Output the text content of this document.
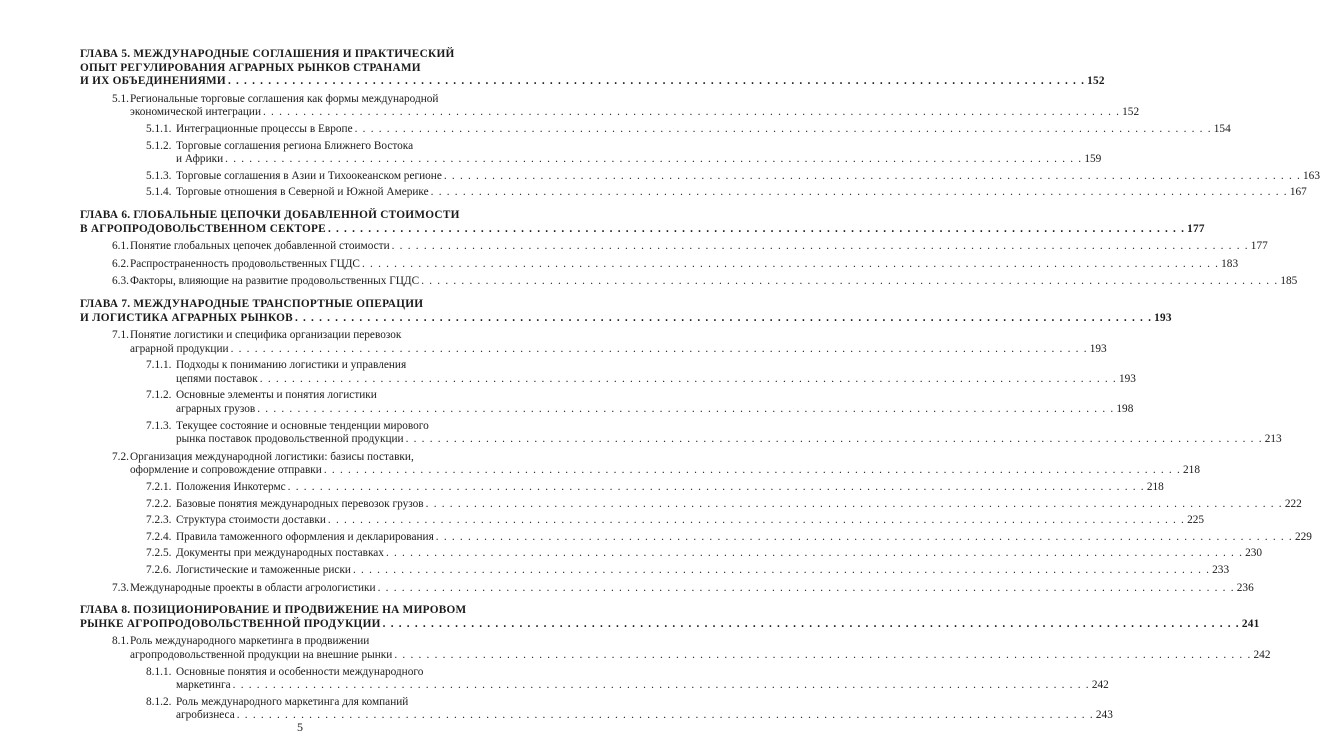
ГЛАВА 5. МЕЖДУНАРОДНЫЕ СОГЛАШЕНИЯ И ПРАКТИЧЕСКИЙ
ОПЫТ РЕГУЛИРОВАНИЯ АГРАРНЫХ РЫНКОВ СТРАНАМИ
И ИХ ОБЪЕДИНЕНИЯМИ . . . . . . . . . . . . . . . . . . . . . . . . . . . . . . . . . . . . . . . . . . . . . . . . . . . . . . . . . . . . . . . . . . . . . . . . . . . . . . . . . . . . . . . . . . . . . . . . . . . . . . . . . . . 152
5.1. Региональные торговые соглашения как формы международной
экономической интеграции . . . . . . . . . . . . . . . . . . . . . . . . . . . . . . . . . . . . . . . . . . . . . . . . . . . . . . . . . . . . . . . . . . . . . . . . . . . . . . . . . . . . . . . . . . . . . . . . . . . . . . . . . . . 152
5.1.1. Интеграционные процессы в Европе . . . . . . . . . . . . . . . . . . . . . . . . . . . . . . . . . . . . . . . . . . . . . . . . . . . . . . . . . . . . . . . . . . . . . . . . . . . . . . . . . . . . . . . . . . . . . . . . . . . . . . . . . . . 154
5.1.2. Торговые соглашения региона Ближнего Востока
и Африки . . . . . . . . . . . . . . . . . . . . . . . . . . . . . . . . . . . . . . . . . . . . . . . . . . . . . . . . . . . . . . . . . . . . . . . . . . . . . . . . . . . . . . . . . . . . . . . . . . . . . . . . . . . 159
5.1.3. Торговые соглашения в Азии и Тихоокеанском регионе . . . . . . . . . . . . . . . . . . . . . . . . . . . . . . . . . . . . . . . . . . . . . . . . . . . . . . . . . . . . . . . . . . . . . . . . . . . . . . . . . . . . . . . . . . . . . . . . . . . . . . . . . . . 163
5.1.4. Торговые отношения в Северной и Южной Америке . . . . . . . . . . . . . . . . . . . . . . . . . . . . . . . . . . . . . . . . . . . . . . . . . . . . . . . . . . . . . . . . . . . . . . . . . . . . . . . . . . . . . . . . . . . . . . . . . . . . . . . . . . . 167
ГЛАВА 6. ГЛОБАЛЬНЫЕ ЦЕПОЧКИ ДОБАВЛЕННОЙ СТОИМОСТИ
В АГРОПРОДОВОЛЬСТВЕННОМ СЕКТОРЕ . . . . . . . . . . . . . . . . . . . . . . . . . . . . . . . . . . . . . . . . . . . . . . . . . . . . . . . . . . . . . . . . . . . . . . . . . . . . . . . . . . . . . . . . . . . . . . . . . . . . . . . . . . . 177
6.1. Понятие глобальных цепочек добавленной стоимости . . . . . . . . . . . . . . . . . . . . . . . . . . . . . . . . . . . . . . . . . . . . . . . . . . . . . . . . . . . . . . . . . . . . . . . . . . . . . . . . . . . . . . . . . . . . . . . . . . . . . . . . . . . 177
6.2. Распространенность продовольственных ГЦДС . . . . . . . . . . . . . . . . . . . . . . . . . . . . . . . . . . . . . . . . . . . . . . . . . . . . . . . . . . . . . . . . . . . . . . . . . . . . . . . . . . . . . . . . . . . . . . . . . . . . . . . . . . . 183
6.3. Факторы, влияющие на развитие продовольственных ГЦДС . . . . . . . . . . . . . . . . . . . . . . . . . . . . . . . . . . . . . . . . . . . . . . . . . . . . . . . . . . . . . . . . . . . . . . . . . . . . . . . . . . . . . . . . . . . . . . . . . . . . . . . . . . . 185
ГЛАВА 7. МЕЖДУНАРОДНЫЕ ТРАНСПОРТНЫЕ ОПЕРАЦИИ
И ЛОГИСТИКА АГРАРНЫХ РЫНКОВ . . . . . . . . . . . . . . . . . . . . . . . . . . . . . . . . . . . . . . . . . . . . . . . . . . . . . . . . . . . . . . . . . . . . . . . . . . . . . . . . . . . . . . . . . . . . . . . . . . . . . . . . . . . 193
7.1. Понятие логистики и специфика организации перевозок
аграрной продукции . . . . . . . . . . . . . . . . . . . . . . . . . . . . . . . . . . . . . . . . . . . . . . . . . . . . . . . . . . . . . . . . . . . . . . . . . . . . . . . . . . . . . . . . . . . . . . . . . . . . . . . . . . . 193
7.1.1. Подходы к пониманию логистики и управления
цепями поставок . . . . . . . . . . . . . . . . . . . . . . . . . . . . . . . . . . . . . . . . . . . . . . . . . . . . . . . . . . . . . . . . . . . . . . . . . . . . . . . . . . . . . . . . . . . . . . . . . . . . . . . . . . . 193
7.1.2. Основные элементы и понятия логистики
аграрных грузов . . . . . . . . . . . . . . . . . . . . . . . . . . . . . . . . . . . . . . . . . . . . . . . . . . . . . . . . . . . . . . . . . . . . . . . . . . . . . . . . . . . . . . . . . . . . . . . . . . . . . . . . . . . 198
7.1.3. Текущее состояние и основные тенденции мирового
рынка поставок продовольственной продукции . . . . . . . . . . . . . . . . . . . . . . . . . . . . . . . . . . . . . . . . . . . . . . . . . . . . . . . . . . . . . . . . . . . . . . . . . . . . . . . . . . . . . . . . . . . . . . . . . . . . . . . . . . . 213
7.2. Организация международной логистики: базисы поставки,
оформление и сопровождение отправки . . . . . . . . . . . . . . . . . . . . . . . . . . . . . . . . . . . . . . . . . . . . . . . . . . . . . . . . . . . . . . . . . . . . . . . . . . . . . . . . . . . . . . . . . . . . . . . . . . . . . . . . . . . 218
7.2.1. Положения Инкотермс . . . . . . . . . . . . . . . . . . . . . . . . . . . . . . . . . . . . . . . . . . . . . . . . . . . . . . . . . . . . . . . . . . . . . . . . . . . . . . . . . . . . . . . . . . . . . . . . . . . . . . . . . . . 218
7.2.2. Базовые понятия международных перевозок грузов . . . . . . . . . . . . . . . . . . . . . . . . . . . . . . . . . . . . . . . . . . . . . . . . . . . . . . . . . . . . . . . . . . . . . . . . . . . . . . . . . . . . . . . . . . . . . . . . . . . . . . . . . . . 222
7.2.3. Структура стоимости доставки . . . . . . . . . . . . . . . . . . . . . . . . . . . . . . . . . . . . . . . . . . . . . . . . . . . . . . . . . . . . . . . . . . . . . . . . . . . . . . . . . . . . . . . . . . . . . . . . . . . . . . . . . . . 225
7.2.4. Правила таможенного оформления и декларирования . . . . . . . . . . . . . . . . . . . . . . . . . . . . . . . . . . . . . . . . . . . . . . . . . . . . . . . . . . . . . . . . . . . . . . . . . . . . . . . . . . . . . . . . . . . . . . . . . . . . . . . . . . . 229
7.2.5. Документы при международных поставках . . . . . . . . . . . . . . . . . . . . . . . . . . . . . . . . . . . . . . . . . . . . . . . . . . . . . . . . . . . . . . . . . . . . . . . . . . . . . . . . . . . . . . . . . . . . . . . . . . . . . . . . . . . 230
7.2.6. Логистические и таможенные риски . . . . . . . . . . . . . . . . . . . . . . . . . . . . . . . . . . . . . . . . . . . . . . . . . . . . . . . . . . . . . . . . . . . . . . . . . . . . . . . . . . . . . . . . . . . . . . . . . . . . . . . . . . . 233
7.3. Международные проекты в области агрологистики . . . . . . . . . . . . . . . . . . . . . . . . . . . . . . . . . . . . . . . . . . . . . . . . . . . . . . . . . . . . . . . . . . . . . . . . . . . . . . . . . . . . . . . . . . . . . . . . . . . . . . . . . . . 236
ГЛАВА 8. ПОЗИЦИОНИРОВАНИЕ И ПРОДВИЖЕНИЕ НА МИРОВОМ
РЫНКЕ АГРОПРОДОВОЛЬСТВЕННОЙ ПРОДУКЦИИ . . . . . . . . . . . . . . . . . . . . . . . . . . . . . . . . . . . . . . . . . . . . . . . . . . . . . . . . . . . . . . . . . . . . . . . . . . . . . . . . . . . . . . . . . . . . . . . . . . . . . . . . . . . 241
8.1. Роль международного маркетинга в продвижении
агропродовольственной продукции на внешние рынки . . . . . . . . . . . . . . . . . . . . . . . . . . . . . . . . . . . . . . . . . . . . . . . . . . . . . . . . . . . . . . . . . . . . . . . . . . . . . . . . . . . . . . . . . . . . . . . . . . . . . . . . . . . 242
8.1.1. Основные понятия и особенности международного
маркетинга . . . . . . . . . . . . . . . . . . . . . . . . . . . . . . . . . . . . . . . . . . . . . . . . . . . . . . . . . . . . . . . . . . . . . . . . . . . . . . . . . . . . . . . . . . . . . . . . . . . . . . . . . . . 242
8.1.2. Роль международного маркетинга для компаний
агробизнеса . . . . . . . . . . . . . . . . . . . . . . . . . . . . . . . . . . . . . . . . . . . . . . . . . . . . . . . . . . . . . . . . . . . . . . . . . . . . . . . . . . . . . . . . . . . . . . . . . . . . . . . . . . . 243
5
